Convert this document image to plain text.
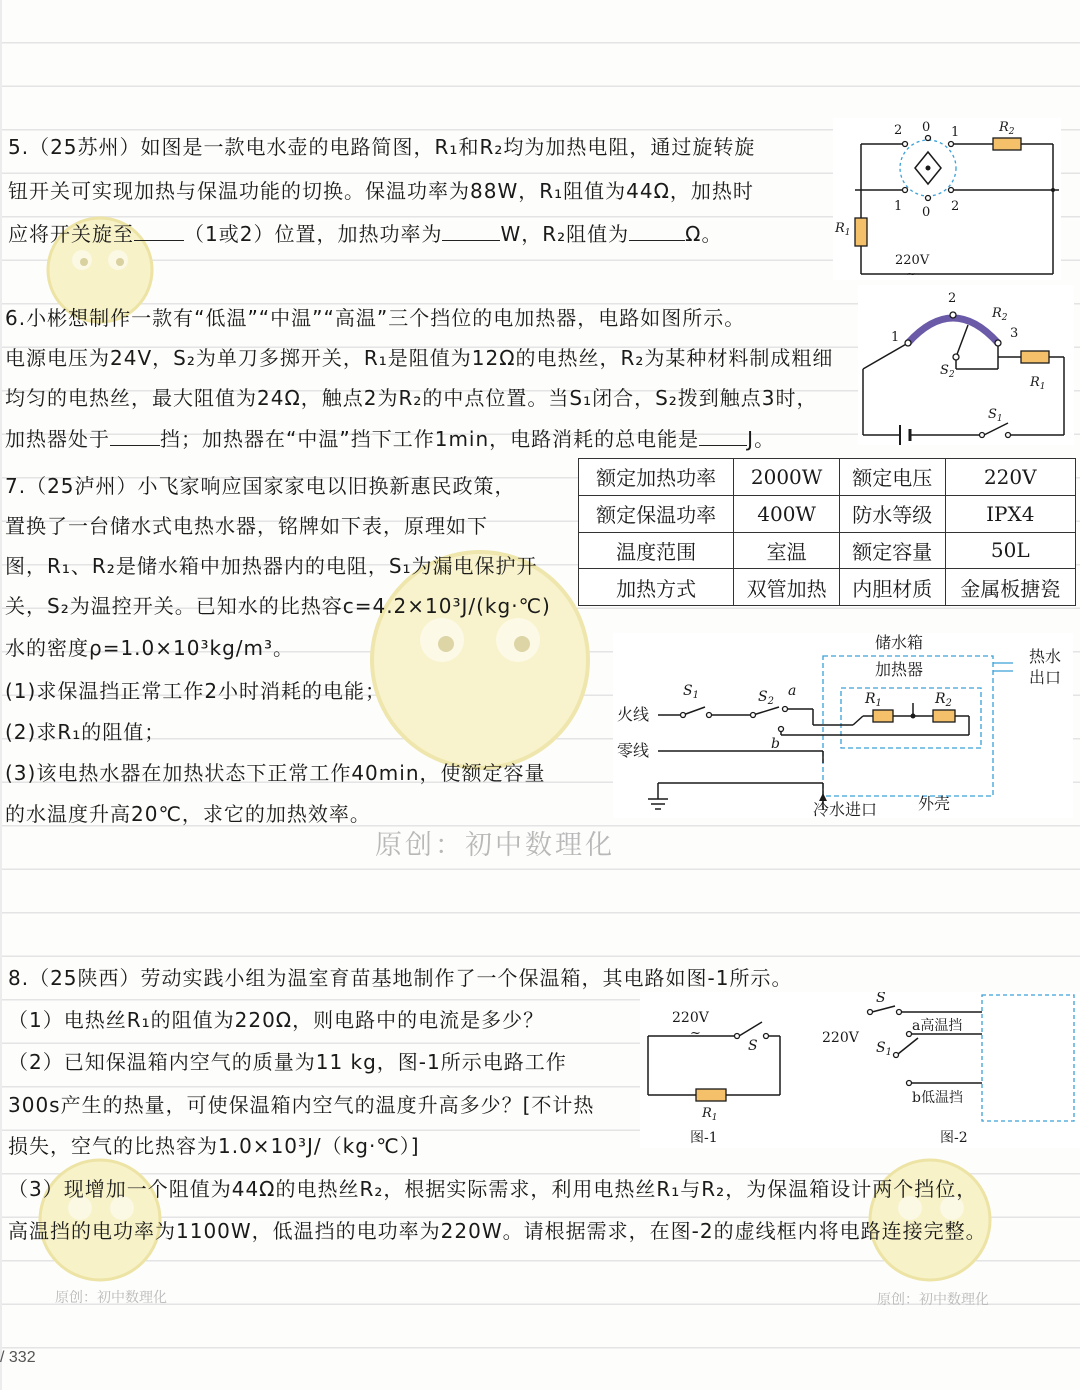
5.（25苏州）如图是一款电水壶的电路简图，R₁和R₂均为加热电阻，通过旋转旋
钮开关可实现加热与保温功能的切换。保温功率为88W，R₁阻值为44Ω，加热时
应将开关旋至	（1或2）位置，加热功率为	W，R₂阻值为	Ω。
2 0 1
1 0 2
$R_2$
$R_1$
220V
~
6.小彬想制作一款有“低温”“中温”“高温”三个挡位的电加热器，电路如图所示。
电源电压为24V，S₂为单刀多掷开关，R₁是阻值为12Ω的电热丝，R₂为某种材料制成粗细
均匀的电热丝，最大阻值为24Ω，触点2为R₂的中点位置。当S₁闭合，S₂拨到触点3时，
加热器处于	挡；加热器在“中温”挡下工作1min，电路消耗的总电能是 J。
1
2
3
$R_2$
$R_1$
$S_2$
$S_1$
7.（25泸州）小飞家响应国家家电以旧换新惠民政策，
置换了一台储水式电热水器，铭牌如下表，原理如下
图，R₁、R₂是储水箱中加热器内的电阻，S₁为漏电保护开
关，S₂为温控开关。已知水的比热容c=4.2×10³J/(kg·℃)
水的密度ρ=1.0×10³kg/m³。
(1)求保温挡正常工作2小时消耗的电能；
(2)求R₁的阻值；
(3)该电热水器在加热状态下正常工作40min，使额定容量
的水温度升高20℃，求它的加热效率。
额定加热功率	2000W	额定电压	220V
额定保温功率	400W	防水等级	IPX4
温度范围	室温	额定容量	50L
加热方式	双管加热	内胆材质	金属板搪瓷
储水箱
加热器
热水
出口
火线
零线
$S_1$	$S_2$
a
b
$R_1$	$R_2$
冷水进口	外壳
原创：初中数理化
8.（25陕西）劳动实践小组为温室育苗基地制作了一个保温箱，其电路如图-1所示。
（1）电热丝R₁的阻值为220Ω，则电路中的电流是多少？
（2）已知保温箱内空气的质量为11 kg，图-1所示电路工作
300s产生的热量，可使保温箱内空气的温度升高多少？[不计热
损失，空气的比热容为1.0×10³J/（kg·℃）]
（3）现增加一个阻值为44Ω的电热丝R₂，根据实际需求，利用电热丝R₁与R₂，为保温箱设计两个挡位，
高温挡的电功率为1100W，低温挡的电功率为220W。请根据需求，在图-2的虚线框内将电路连接完整。
220V
~
S
$R_1$
图-1
S
220V
$S_1$
a高温挡
b低温挡
图-2
原创：初中数理化	原创：初中数理化
/ 332
